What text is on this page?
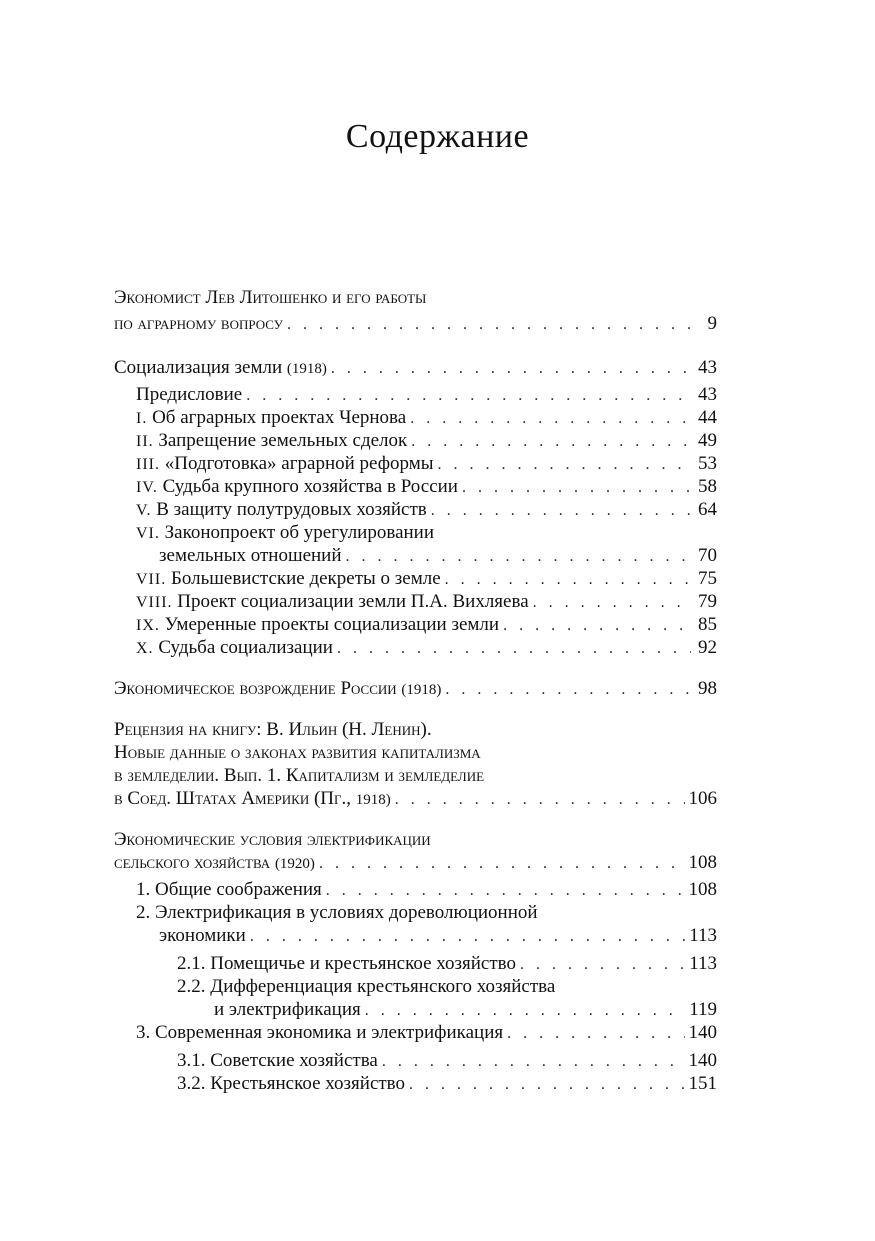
Содержание
Экономист Лев Литошенко и его работы
по аграрному вопросу . . .	9
Социализация земли (1918) . . .	43
Предисловие . . .	43
I. Об аграрных проектах Чернова . . .	44
II. Запрещение земельных сделок . . .	49
III. «Подготовка» аграрной реформы . . .	53
IV. Судьба крупного хозяйства в России . . .	58
V. В защиту полутрудовых хозяйств . . .	64
VI. Законопроект об урегулировании
земельных отношений . . .	70
VII. Большевистские декреты о земле . . .	75
VIII. Проект социализации земли П.А. Вихляева . . .	79
IX. Умеренные проекты социализации земли . . .	85
X. Судьба социализации . . .	92
Экономическое возрождение России (1918) . . .	98
Рецензия на книгу: В. Ильин (Н. Ленин).
Новые данные о законах развития капитализма
в земледелии. Вып. 1. Капитализм и земледелие
в Соед. Штатах Америки (Пг., 1918) . . .	106
Экономические условия электрификации
сельского хозяйства (1920) . . .	108
1. Общие соображения . . .	108
2. Электрификация в условиях дореволюционной
экономики . . .	113
2.1. Помещичье и крестьянское хозяйство . . .	113
2.2. Дифференциация крестьянского хозяйства
и электрификация . . .	119
3. Современная экономика и электрификация . . .	140
3.1. Советские хозяйства . . .	140
3.2. Крестьянское хозяйство . . .	151
